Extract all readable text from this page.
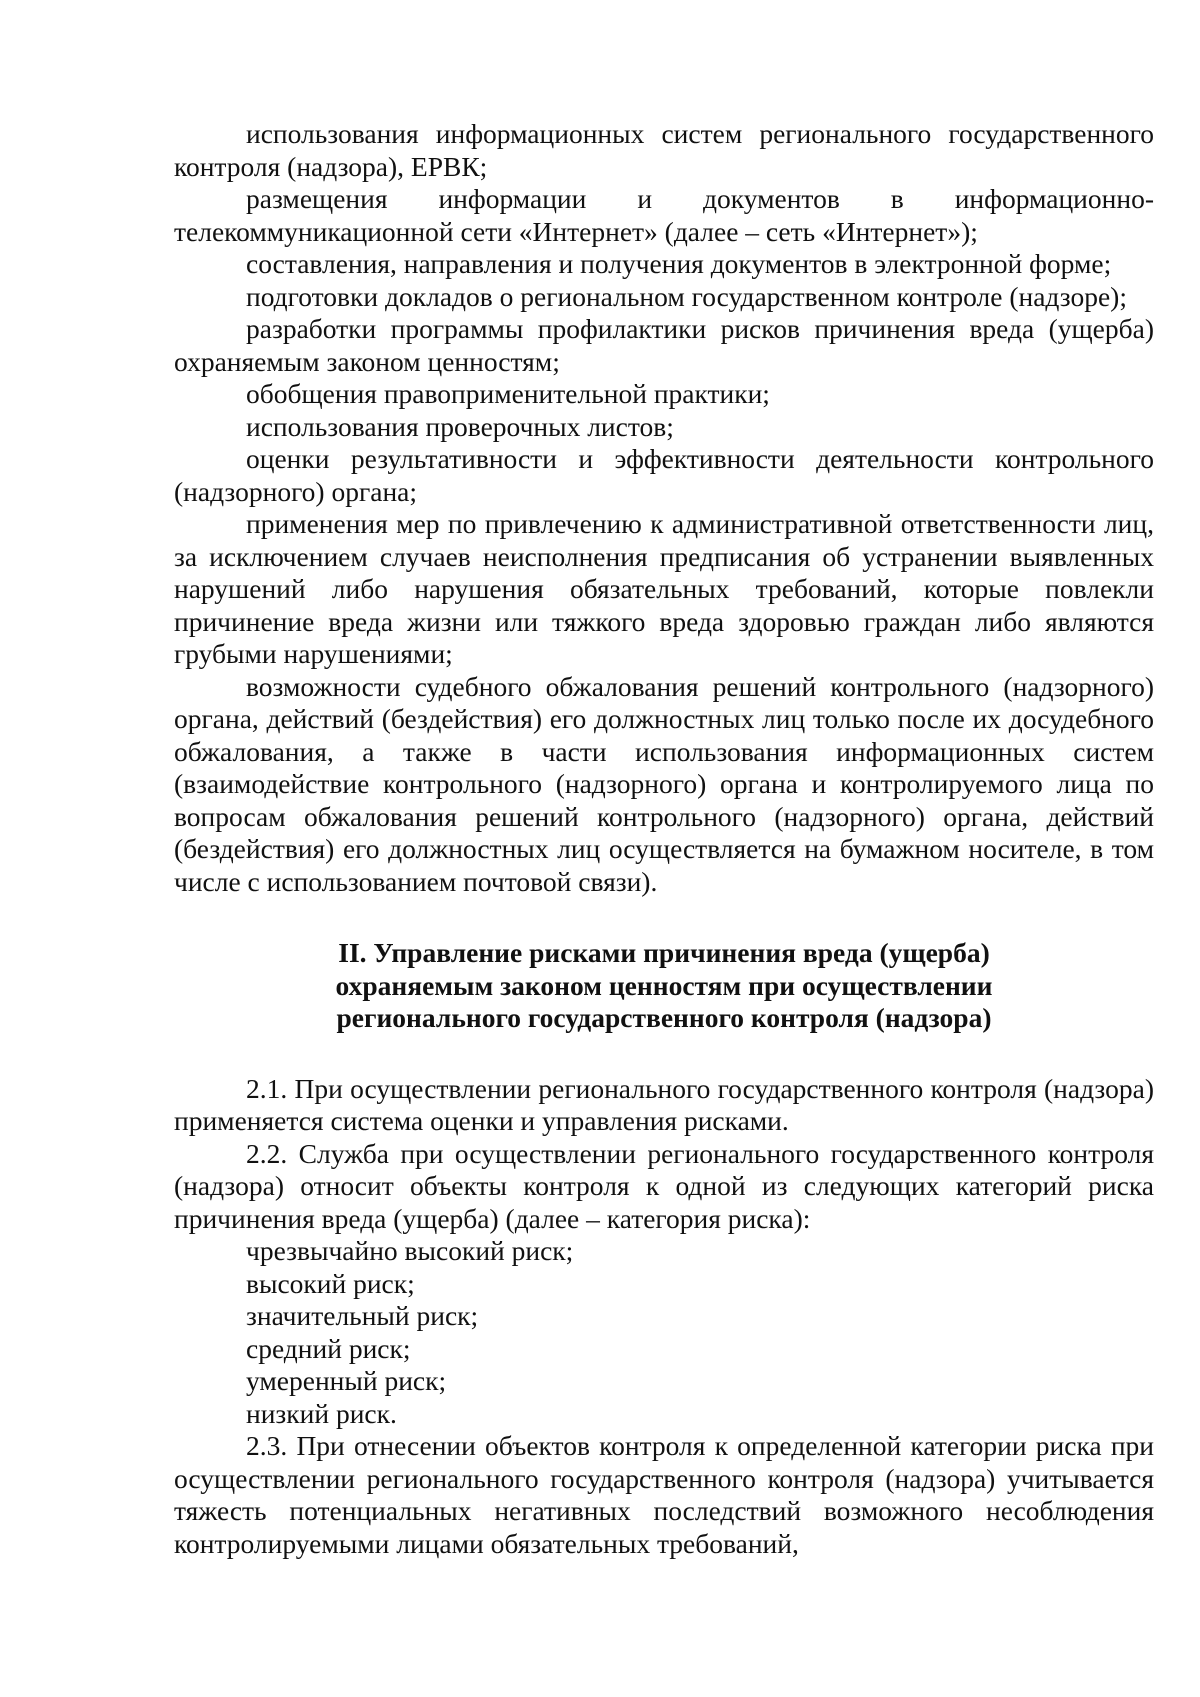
использования информационных систем регионального государственного контроля (надзора), ЕРВК;

размещения информации и документов в информационно-телекоммуникационной сети «Интернет» (далее – сеть «Интернет»);

составления, направления и получения документов в электронной форме;

подготовки докладов о региональном государственном контроле (надзоре);

разработки программы профилактики рисков причинения вреда (ущерба) охраняемым законом ценностям;

обобщения правоприменительной практики;

использования проверочных листов;

оценки результативности и эффективности деятельности контрольного (надзорного) органа;

применения мер по привлечению к административной ответственности лиц, за исключением случаев неисполнения предписания об устранении выявленных нарушений либо нарушения обязательных требований, которые повлекли причинение вреда жизни или тяжкого вреда здоровью граждан либо являются грубыми нарушениями;

возможности судебного обжалования решений контрольного (надзорного) органа, действий (бездействия) его должностных лиц только после их досудебного обжалования, а также в части использования информационных систем (взаимодействие контрольного (надзорного) органа и контролируемого лица по вопросам обжалования решений контрольного (надзорного) органа, действий (бездействия) его должностных лиц осуществляется на бумажном носителе, в том числе с использованием почтовой связи).

II. Управление рисками причинения вреда (ущерба)
охраняемым законом ценностям при осуществлении
регионального государственного контроля (надзора)

2.1. При осуществлении регионального государственного контроля (надзора) применяется система оценки и управления рисками.

2.2. Служба при осуществлении регионального государственного контроля (надзора) относит объекты контроля к одной из следующих категорий риска причинения вреда (ущерба) (далее – категория риска):

чрезвычайно высокий риск;

высокий риск;

значительный риск;

средний риск;

умеренный риск;

низкий риск.

2.3. При отнесении объектов контроля к определенной категории риска при осуществлении регионального государственного контроля (надзора) учитывается тяжесть потенциальных негативных последствий возможного несоблюдения контролируемыми лицами обязательных требований,
